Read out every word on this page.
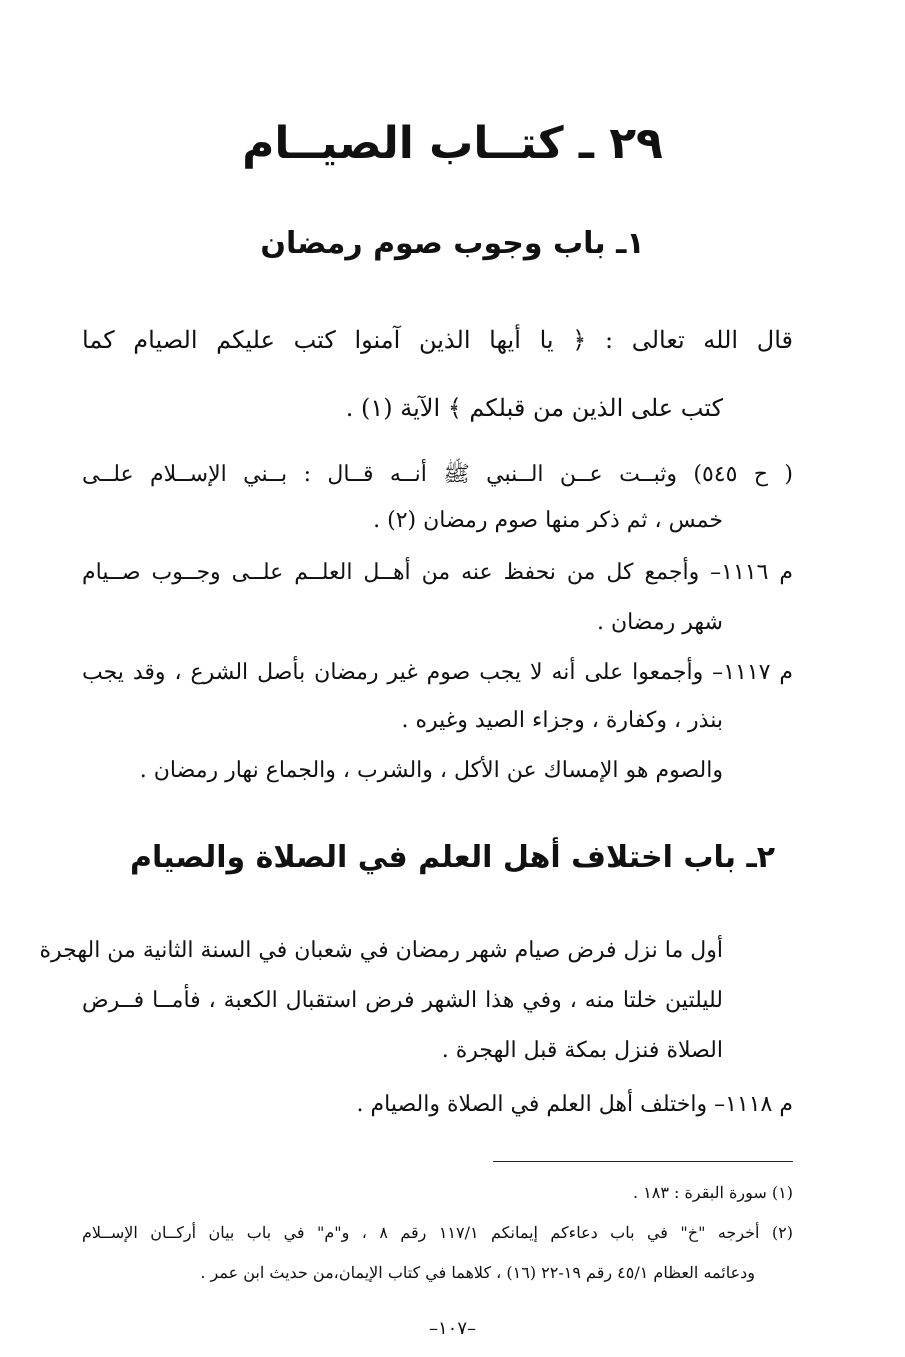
٢٩ ـ كتــاب الصيــام
١ـ باب وجوب صوم رمضان
قال الله تعالى : ﴿ يا أيها الذين آمنوا كتب عليكم الصيام كما
كتب على الذين من قبلكم ﴾ الآية (١) .
( ح ٥٤٥) وثبــت عــن الــنبي ﷺ أنــه قــال : بــني الإســلام علــى
خمس ، ثم ذكر منها صوم رمضان (٢) .
م ١١١٦– وأجمع كل من نحفظ عنه من أهــل العلــم علــى وجــوب صــيام
شهر رمضان .
م ١١١٧– وأجمعوا على أنه لا يجب صوم غير رمضان بأصل الشرع ، وقد يجب
بنذر ، وكفارة ، وجزاء الصيد وغيره .
والصوم هو الإمساك عن الأكل ، والشرب ، والجماع نهار رمضان .
٢ـ باب اختلاف أهل العلم في الصلاة والصيام
أول ما نزل فرض صيام شهر رمضان في شعبان في السنة الثانية من الهجرة
لليلتين خلتا منه ، وفي هذا الشهر فرض استقبال الكعبة ، فأمــا فــرض
الصلاة فنزل بمكة قبل الهجرة .
م ١١١٨– واختلف أهل العلم في الصلاة والصيام .
(١) سورة البقرة : ١٨٣ .
(٢) أخرجه "خ" في باب دعاءكم إيمانكم ١١٧/١ رقم ٨ ، و"م" في باب بيان أركــان الإســلام
ودعائمه العظام ٤٥/١ رقم ١٩-٢٢ (١٦) ، كلاهما في كتاب الإيمان،من حديث ابن عمر .
–١٠٧–
